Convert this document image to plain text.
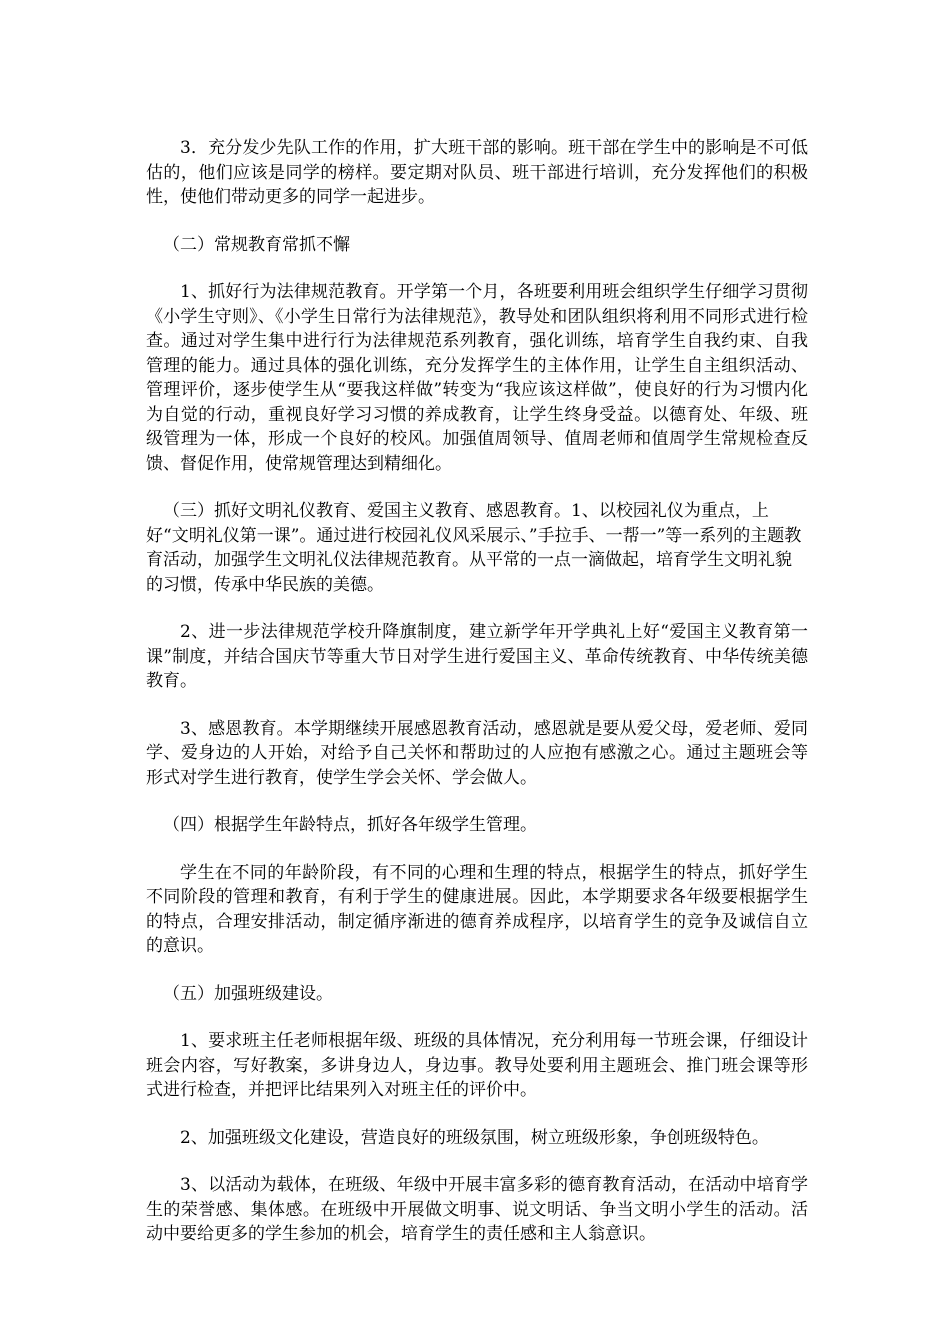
3．充分发少先队工作的作用，扩大班干部的影响。班干部在学生中的影响是不可低估的，他们应该是同学的榜样。要定期对队员、班干部进行培训，充分发挥他们的积极性，使他们带动更多的同学一起进步。

（二）常规教育常抓不懈

1、抓好行为法律规范教育。开学第一个月，各班要利用班会组织学生仔细学习贯彻《小学生守则》、《小学生日常行为法律规范》，教导处和团队组织将利用不同形式进行检查。通过对学生集中进行行为法律规范系列教育，强化训练，培育学生自我约束、自我管理的能力。通过具体的强化训练，充分发挥学生的主体作用，让学生自主组织活动、管理评价，逐步使学生从“要我这样做”转变为“我应该这样做”，使良好的行为习惯内化为自觉的行动，重视良好学习习惯的养成教育，让学生终身受益。以德育处、年级、班级管理为一体，形成一个良好的校风。加强值周领导、值周老师和值周学生常规检查反馈、督促作用，使常规管理达到精细化。

（三）抓好文明礼仪教育、爱国主义教育、感恩教育。1、以校园礼仪为重点，上好“文明礼仪第一课”。通过进行校园礼仪风采展示、”手拉手、一帮一”等一系列的主题教育活动，加强学生文明礼仪法律规范教育。从平常的一点一滴做起，培育学生文明礼貌的习惯，传承中华民族的美德。

2、进一步法律规范学校升降旗制度，建立新学年开学典礼上好“爱国主义教育第一课”制度，并结合国庆节等重大节日对学生进行爱国主义、革命传统教育、中华传统美德教育。

3、感恩教育。本学期继续开展感恩教育活动，感恩就是要从爱父母，爱老师、爱同学、爱身边的人开始，对给予自己关怀和帮助过的人应抱有感激之心。通过主题班会等形式对学生进行教育，使学生学会关怀、学会做人。

（四）根据学生年龄特点，抓好各年级学生管理。

学生在不同的年龄阶段，有不同的心理和生理的特点，根据学生的特点，抓好学生不同阶段的管理和教育，有利于学生的健康进展。因此，本学期要求各年级要根据学生的特点，合理安排活动，制定循序渐进的德育养成程序，以培育学生的竞争及诚信自立的意识。

（五）加强班级建设。

1、要求班主任老师根据年级、班级的具体情况，充分利用每一节班会课，仔细设计班会内容，写好教案，多讲身边人，身边事。教导处要利用主题班会、推门班会课等形式进行检查，并把评比结果列入对班主任的评价中。

2、加强班级文化建设，营造良好的班级氛围，树立班级形象，争创班级特色。

3、以活动为载体，在班级、年级中开展丰富多彩的德育教育活动，在活动中培育学生的荣誉感、集体感。在班级中开展做文明事、说文明话、争当文明小学生的活动。活动中要给更多的学生参加的机会，培育学生的责任感和主人翁意识。
